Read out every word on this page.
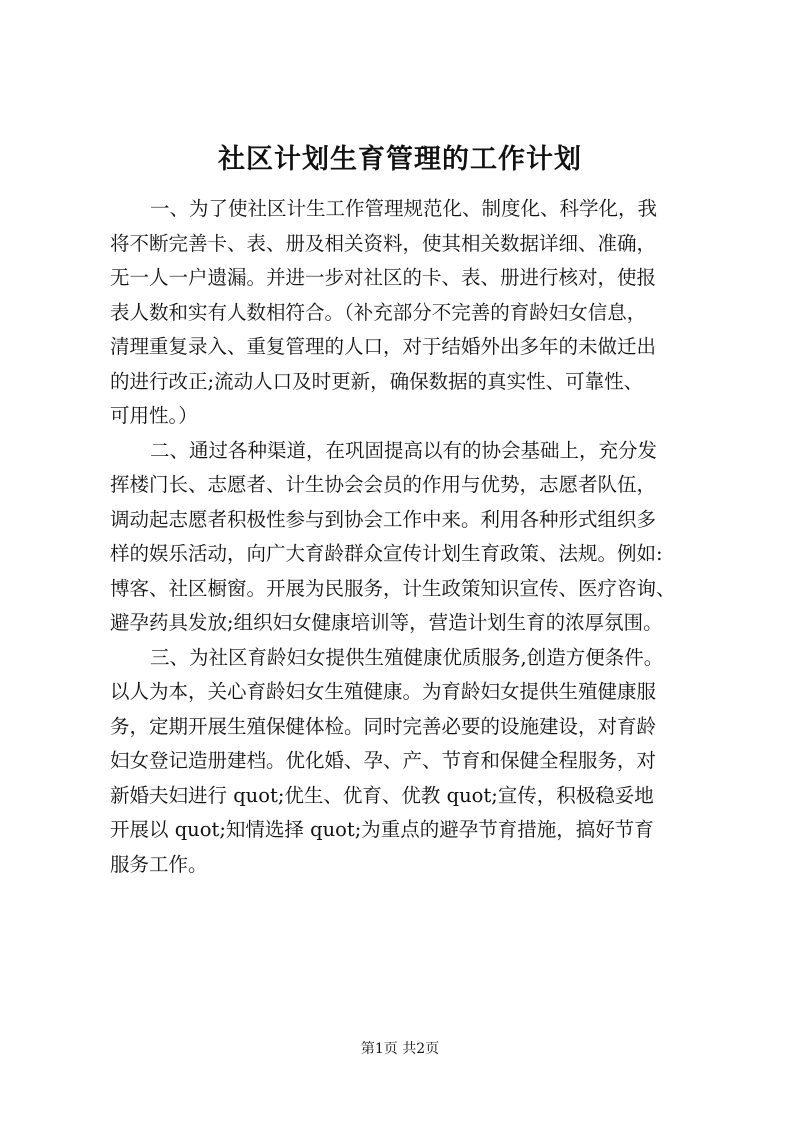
社区计划生育管理的工作计划
一、为了使社区计生工作管理规范化、制度化、科学化，我
将不断完善卡、表、册及相关资料，使其相关数据详细、准确，
无一人一户遗漏。并进一步对社区的卡、表、册进行核对，使报
表人数和实有人数相符合。（补充部分不完善的育龄妇女信息，
清理重复录入、重复管理的人口，对于结婚外出多年的未做迁出
的进行改正;流动人口及时更新，确保数据的真实性、可靠性、
可用性。）
二、通过各种渠道，在巩固提高以有的协会基础上，充分发
挥楼门长、志愿者、计生协会会员的作用与优势，志愿者队伍，
调动起志愿者积极性参与到协会工作中来。利用各种形式组织多
样的娱乐活动，向广大育龄群众宣传计划生育政策、法规。例如:
博客、社区橱窗。开展为民服务，计生政策知识宣传、医疗咨询、
避孕药具发放;组织妇女健康培训等，营造计划生育的浓厚氛围。
三、为社区育龄妇女提供生殖健康优质服务,创造方便条件。
以人为本，关心育龄妇女生殖健康。为育龄妇女提供生殖健康服
务，定期开展生殖保健体检。同时完善必要的设施建设，对育龄
妇女登记造册建档。优化婚、孕、产、节育和保健全程服务，对
新婚夫妇进行 quot;优生、优育、优教 quot;宣传，积极稳妥地
开展以 quot;知情选择 quot;为重点的避孕节育措施，搞好节育
服务工作。
第1页 共2页
